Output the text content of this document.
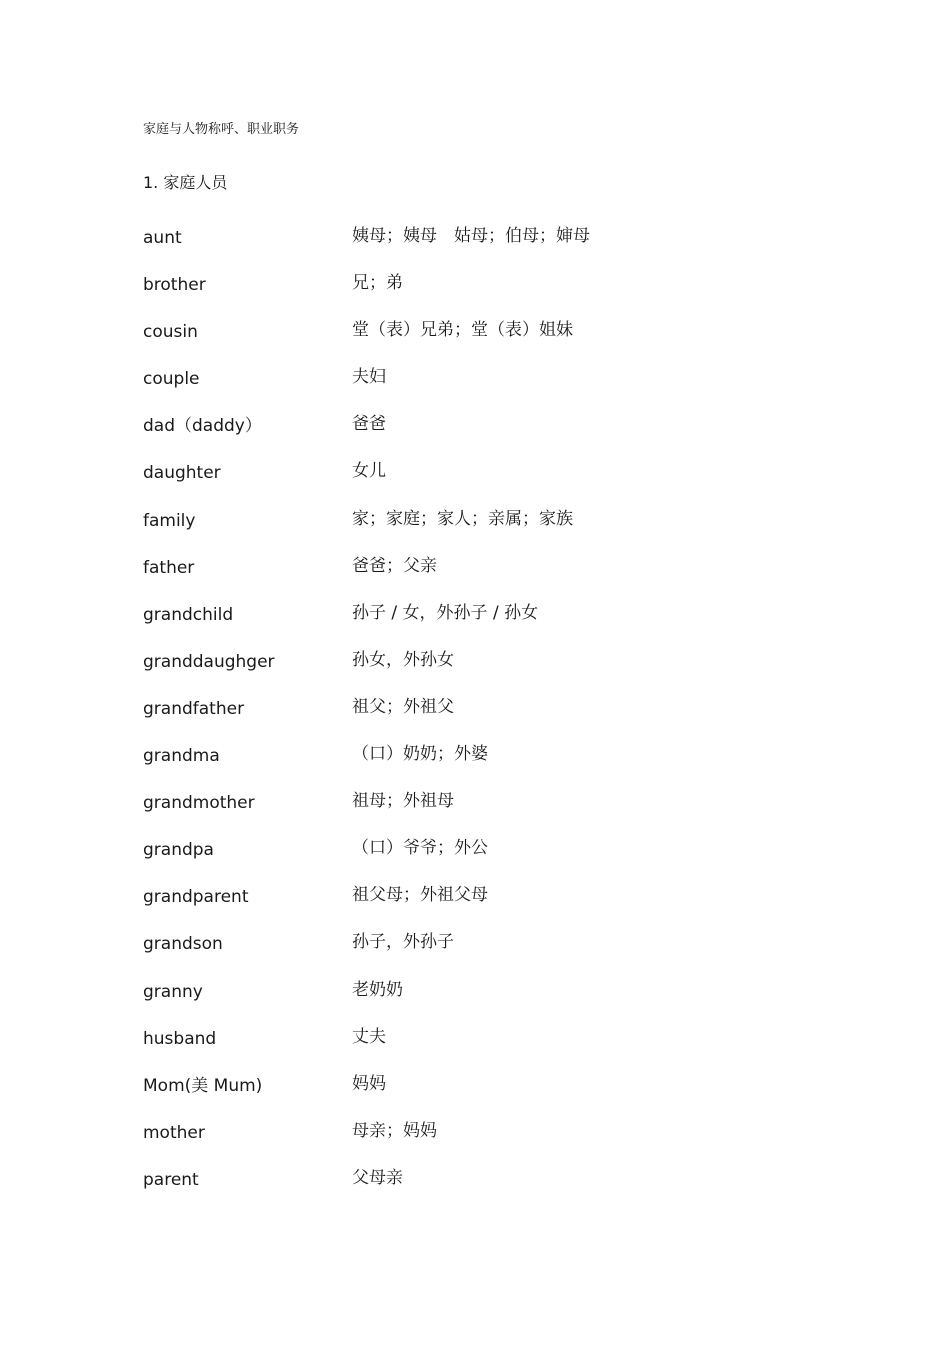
家庭与人物称呼、职业职务
1. 家庭人员
aunt	姨母；姨母　姑母；伯母；婶母
brother	兄；弟
cousin	堂（表）兄弟；堂（表）姐妹
couple	夫妇
dad（daddy）	爸爸
daughter	女儿
family	家；家庭；家人；亲属；家族
father	爸爸；父亲
grandchild	孙子 / 女，外孙子 / 孙女
granddaughger	孙女，外孙女
grandfather	祖父；外祖父
grandma	（口）奶奶；外婆
grandmother	祖母；外祖母
grandpa	（口）爷爷；外公
grandparent	祖父母；外祖父母
grandson	孙子，外孙子
granny	老奶奶
husband	丈夫
Mom(美 Mum)	妈妈
mother	母亲；妈妈
parent	父母亲
